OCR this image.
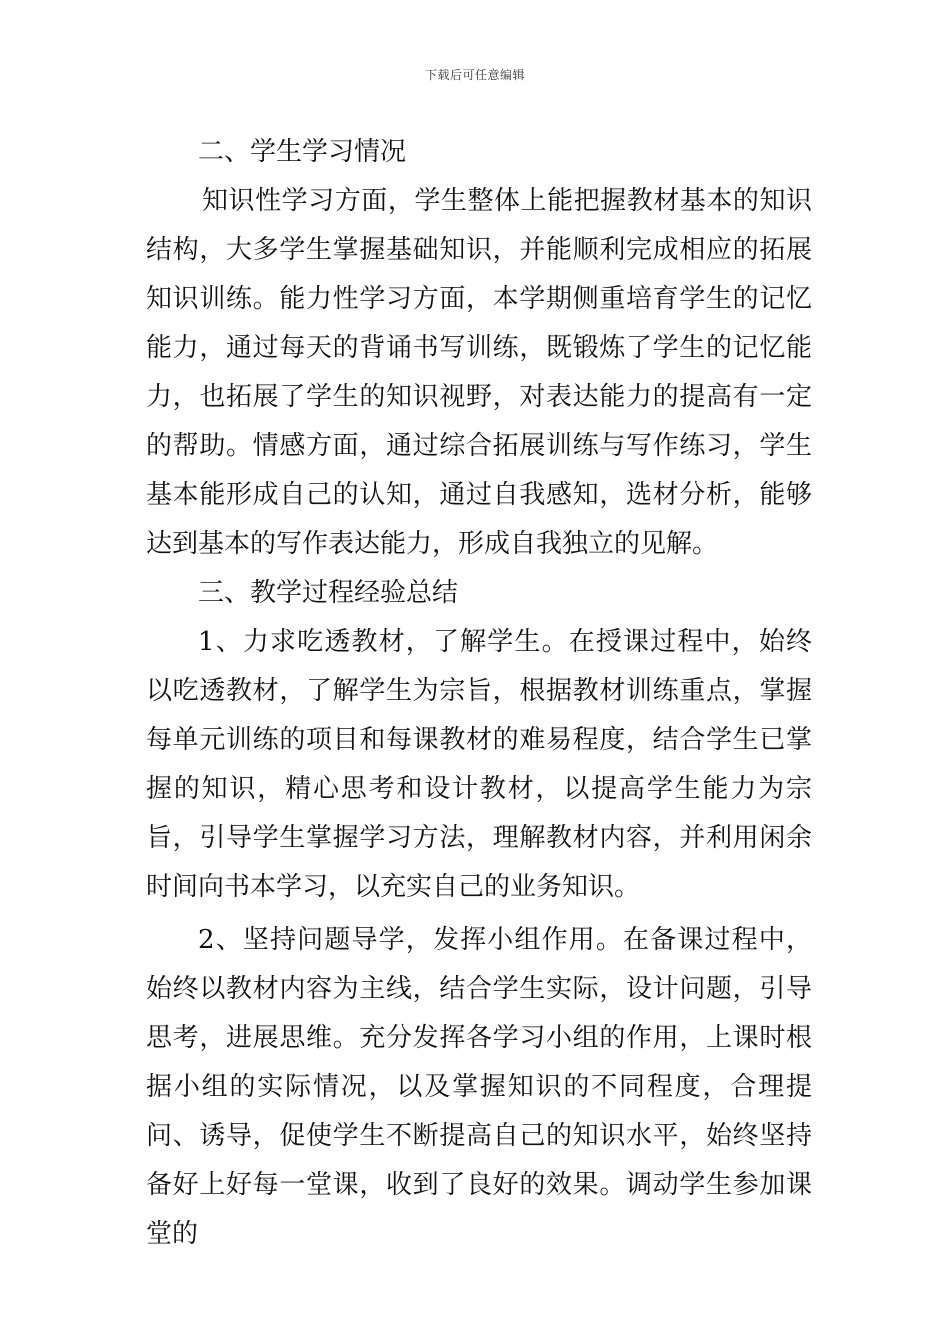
下载后可任意编辑

二、学生学习情况

知识性学习方面，学生整体上能把握教材基本的知识结构，大多学生掌握基础知识，并能顺利完成相应的拓展知识训练。能力性学习方面，本学期侧重培育学生的记忆能力，通过每天的背诵书写训练，既锻炼了学生的记忆能力，也拓展了学生的知识视野，对表达能力的提高有一定的帮助。情感方面，通过综合拓展训练与写作练习，学生基本能形成自己的认知，通过自我感知，选材分析，能够达到基本的写作表达能力，形成自我独立的见解。

三、教学过程经验总结

1、力求吃透教材，了解学生。在授课过程中，始终以吃透教材，了解学生为宗旨，根据教材训练重点，掌握每单元训练的项目和每课教材的难易程度，结合学生已掌握的知识，精心思考和设计教材，以提高学生能力为宗旨，引导学生掌握学习方法，理解教材内容，并利用闲余时间向书本学习，以充实自己的业务知识。

2、坚持问题导学，发挥小组作用。在备课过程中，始终以教材内容为主线，结合学生实际，设计问题，引导思考，进展思维。充分发挥各学习小组的作用，上课时根据小组的实际情况，以及掌握知识的不同程度，合理提问、诱导，促使学生不断提高自己的知识水平，始终坚持备好上好每一堂课，收到了良好的效果。调动学生参加课堂的
